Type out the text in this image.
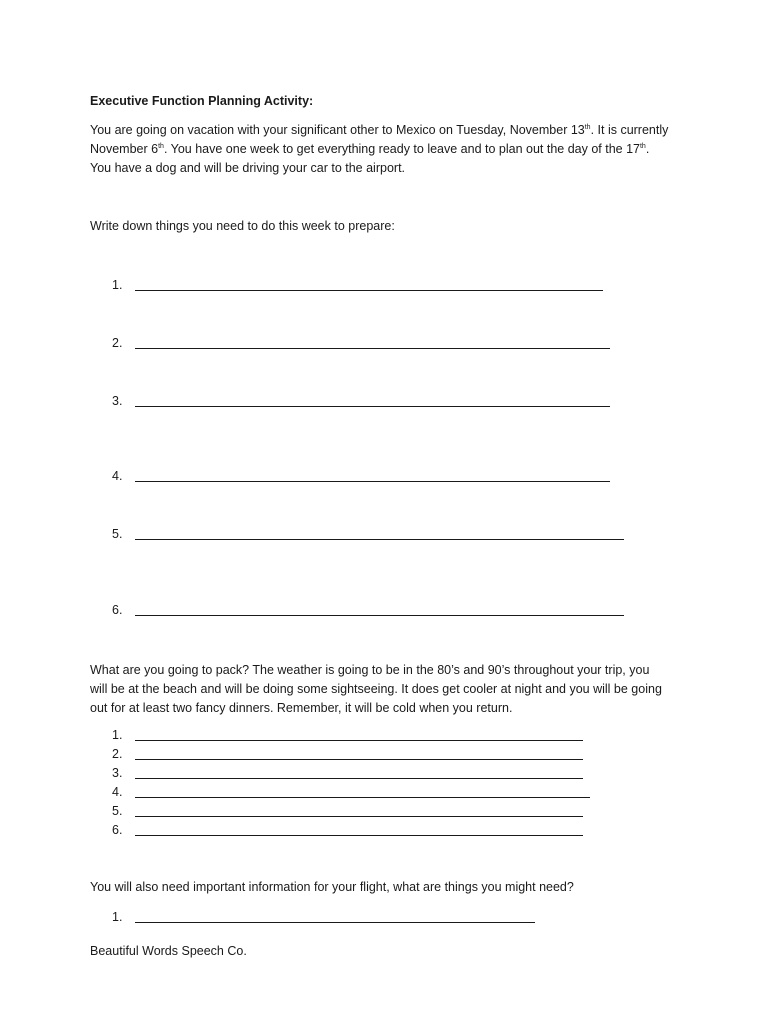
Executive Function Planning Activity:
You are going on vacation with your significant other to Mexico on Tuesday, November 13th. It is currently
November 6th. You have one week to get everything ready to leave and to plan out the day of the 17th.
You have a dog and will be driving your car to the airport.
Write down things you need to do this week to prepare:
1.
2.
3.
4.
5.
6.
What are you going to pack? The weather is going to be in the 80’s and 90’s throughout your trip, you
will be at the beach and will be doing some sightseeing. It does get cooler at night and you will be going
out for at least two fancy dinners. Remember, it will be cold when you return.
1.
2.
3.
4.
5.
6.
You will also need important information for your flight, what are things you might need?
1.
Beautiful Words Speech Co.
